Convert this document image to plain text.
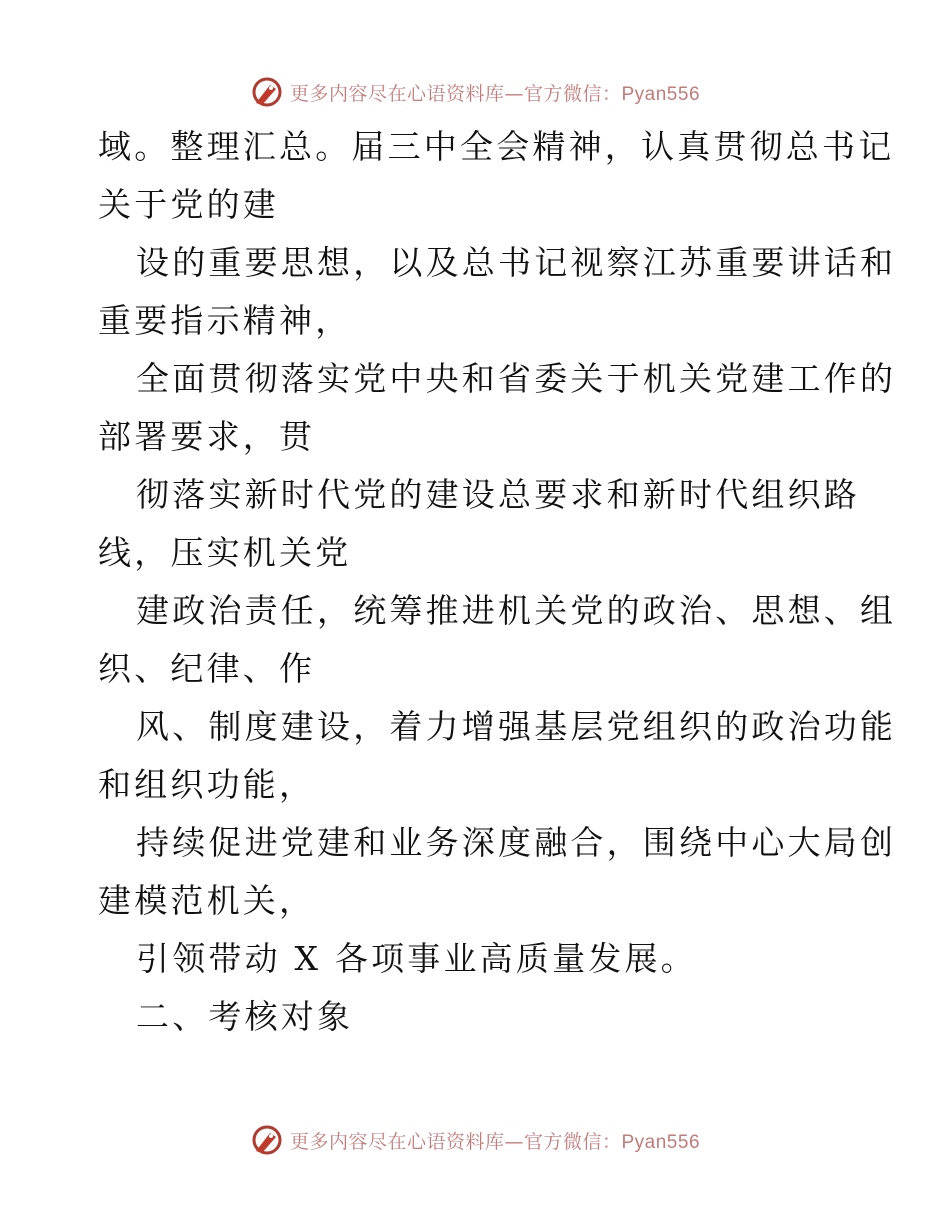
更多内容尽在心语资料库—官方微信：Pyan556
域。整理汇总。届三中全会精神，认真贯彻总书记
关于党的建
设的重要思想，以及总书记视察江苏重要讲话和
重要指示精神，
全面贯彻落实党中央和省委关于机关党建工作的
部署要求，贯
彻落实新时代党的建设总要求和新时代组织路
线，压实机关党
建政治责任，统筹推进机关党的政治、思想、组
织、纪律、作
风、制度建设，着力增强基层党组织的政治功能
和组织功能，
持续促进党建和业务深度融合，围绕中心大局创
建模范机关，
引领带动 X 各项事业高质量发展。
二、考核对象
更多内容尽在心语资料库—官方微信：Pyan556
